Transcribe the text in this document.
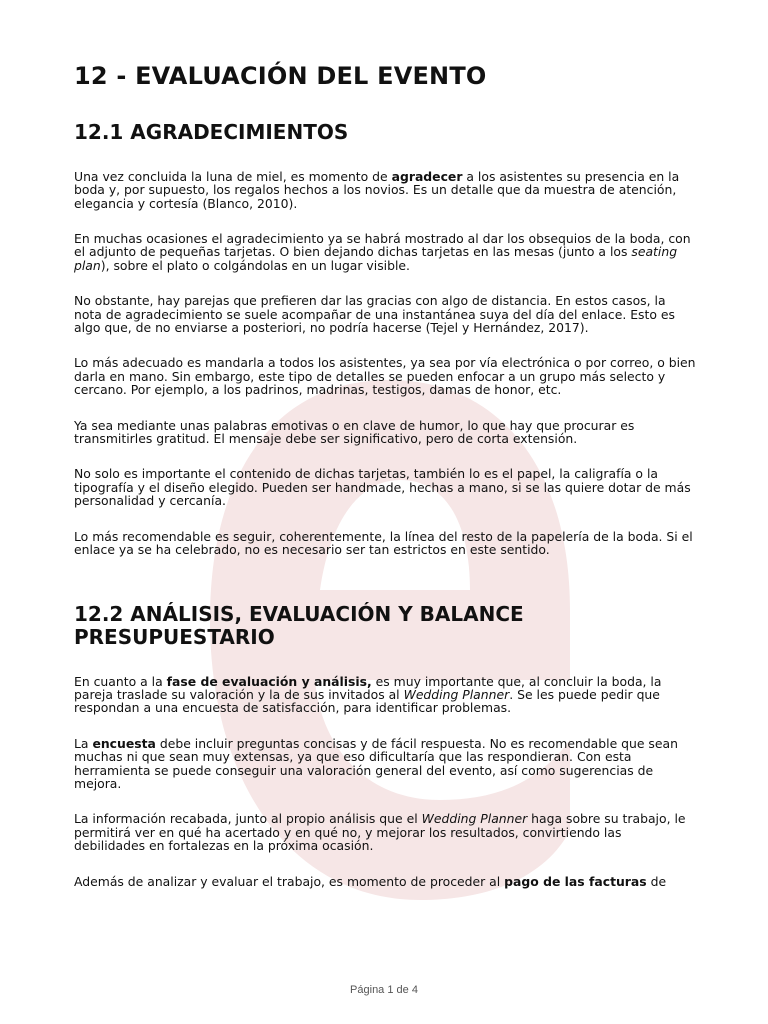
12 - EVALUACIÓN DEL EVENTO
12.1 AGRADECIMIENTOS

Una vez concluida la luna de miel, es momento de agradecer a los asistentes su presencia en la boda y, por supuesto, los regalos hechos a los novios. Es un detalle que da muestra de atención, elegancia y cortesía (Blanco, 2010).

En muchas ocasiones el agradecimiento ya se habrá mostrado al dar los obsequios de la boda, con el adjunto de pequeñas tarjetas. O bien dejando dichas tarjetas en las mesas (junto a los seating plan), sobre el plato o colgándolas en un lugar visible.

No obstante, hay parejas que prefieren dar las gracias con algo de distancia. En estos casos, la nota de agradecimiento se suele acompañar de una instantánea suya del día del enlace. Esto es algo que, de no enviarse a posteriori, no podría hacerse (Tejel y Hernández, 2017).

Lo más adecuado es mandarla a todos los asistentes, ya sea por vía electrónica o por correo, o bien darla en mano. Sin embargo, este tipo de detalles se pueden enfocar a un grupo más selecto y cercano. Por ejemplo, a los padrinos, madrinas, testigos, damas de honor, etc.

Ya sea mediante unas palabras emotivas o en clave de humor, lo que hay que procurar es transmitirles gratitud. El mensaje debe ser significativo, pero de corta extensión.

No solo es importante el contenido de dichas tarjetas, también lo es el papel, la caligrafía o la tipografía y el diseño elegido. Pueden ser handmade, hechas a mano, si se las quiere dotar de más personalidad y cercanía.

Lo más recomendable es seguir, coherentemente, la línea del resto de la papelería de la boda. Si el enlace ya se ha celebrado, no es necesario ser tan estrictos en este sentido.

12.2 ANÁLISIS, EVALUACIÓN Y BALANCE PRESUPUESTARIO

En cuanto a la fase de evaluación y análisis, es muy importante que, al concluir la boda, la pareja traslade su valoración y la de sus invitados al Wedding Planner. Se les puede pedir que respondan a una encuesta de satisfacción, para identificar problemas.

La encuesta debe incluir preguntas concisas y de fácil respuesta. No es recomendable que sean muchas ni que sean muy extensas, ya que eso dificultaría que las respondieran. Con esta herramienta se puede conseguir una valoración general del evento, así como sugerencias de mejora.

La información recabada, junto al propio análisis que el Wedding Planner haga sobre su trabajo, le permitirá ver en qué ha acertado y en qué no, y mejorar los resultados, convirtiendo las debilidades en fortalezas en la próxima ocasión.

Además de analizar y evaluar el trabajo, es momento de proceder al pago de las facturas de

Página 1 de 4
